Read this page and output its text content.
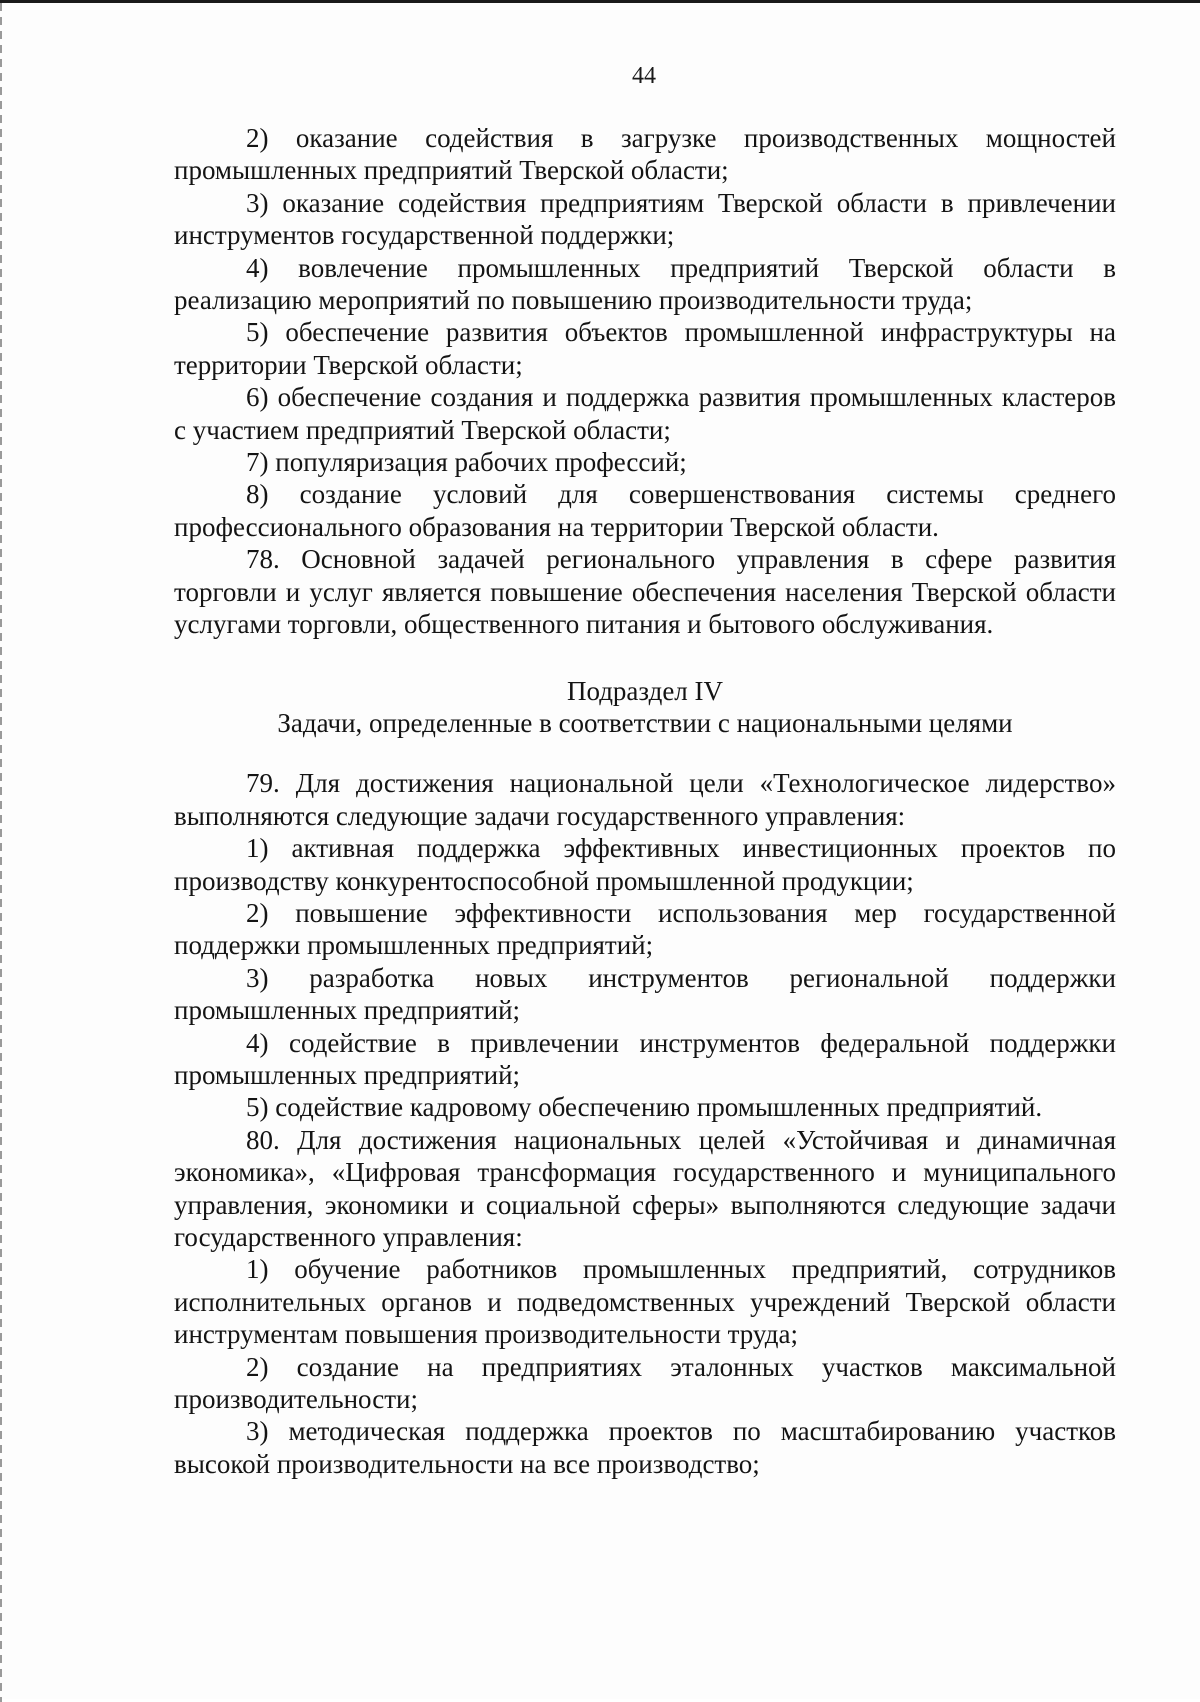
44

2) оказание содействия в загрузке производственных мощностей промышленных предприятий Тверской области;

3) оказание содействия предприятиям Тверской области в привлечении инструментов государственной поддержки;

4) вовлечение промышленных предприятий Тверской области в реализацию мероприятий по повышению производительности труда;

5) обеспечение развития объектов промышленной инфраструктуры на территории Тверской области;

6) обеспечение создания и поддержка развития промышленных кластеров с участием предприятий Тверской области;

7) популяризация рабочих профессий;

8) создание условий для совершенствования системы среднего профессионального образования на территории Тверской области.

78. Основной задачей регионального управления в сфере развития торговли и услуг является повышение обеспечения населения Тверской области услугами торговли, общественного питания и бытового обслуживания.

Подраздел IV

Задачи, определенные в соответствии с национальными целями

79. Для достижения национальной цели «Технологическое лидерство» выполняются следующие задачи государственного управления:

1) активная поддержка эффективных инвестиционных проектов по производству конкурентоспособной промышленной продукции;

2) повышение эффективности использования мер государственной поддержки промышленных предприятий;

3) разработка новых инструментов региональной поддержки промышленных предприятий;

4) содействие в привлечении инструментов федеральной поддержки промышленных предприятий;

5) содействие кадровому обеспечению промышленных предприятий.

80. Для достижения национальных целей «Устойчивая и динамичная экономика», «Цифровая трансформация государственного и муниципального управления, экономики и социальной сферы» выполняются следующие задачи государственного управления:

1) обучение работников промышленных предприятий, сотрудников исполнительных органов и подведомственных учреждений Тверской области инструментам повышения производительности труда;

2) создание на предприятиях эталонных участков максимальной производительности;

3) методическая поддержка проектов по масштабированию участков высокой производительности на все производство;
